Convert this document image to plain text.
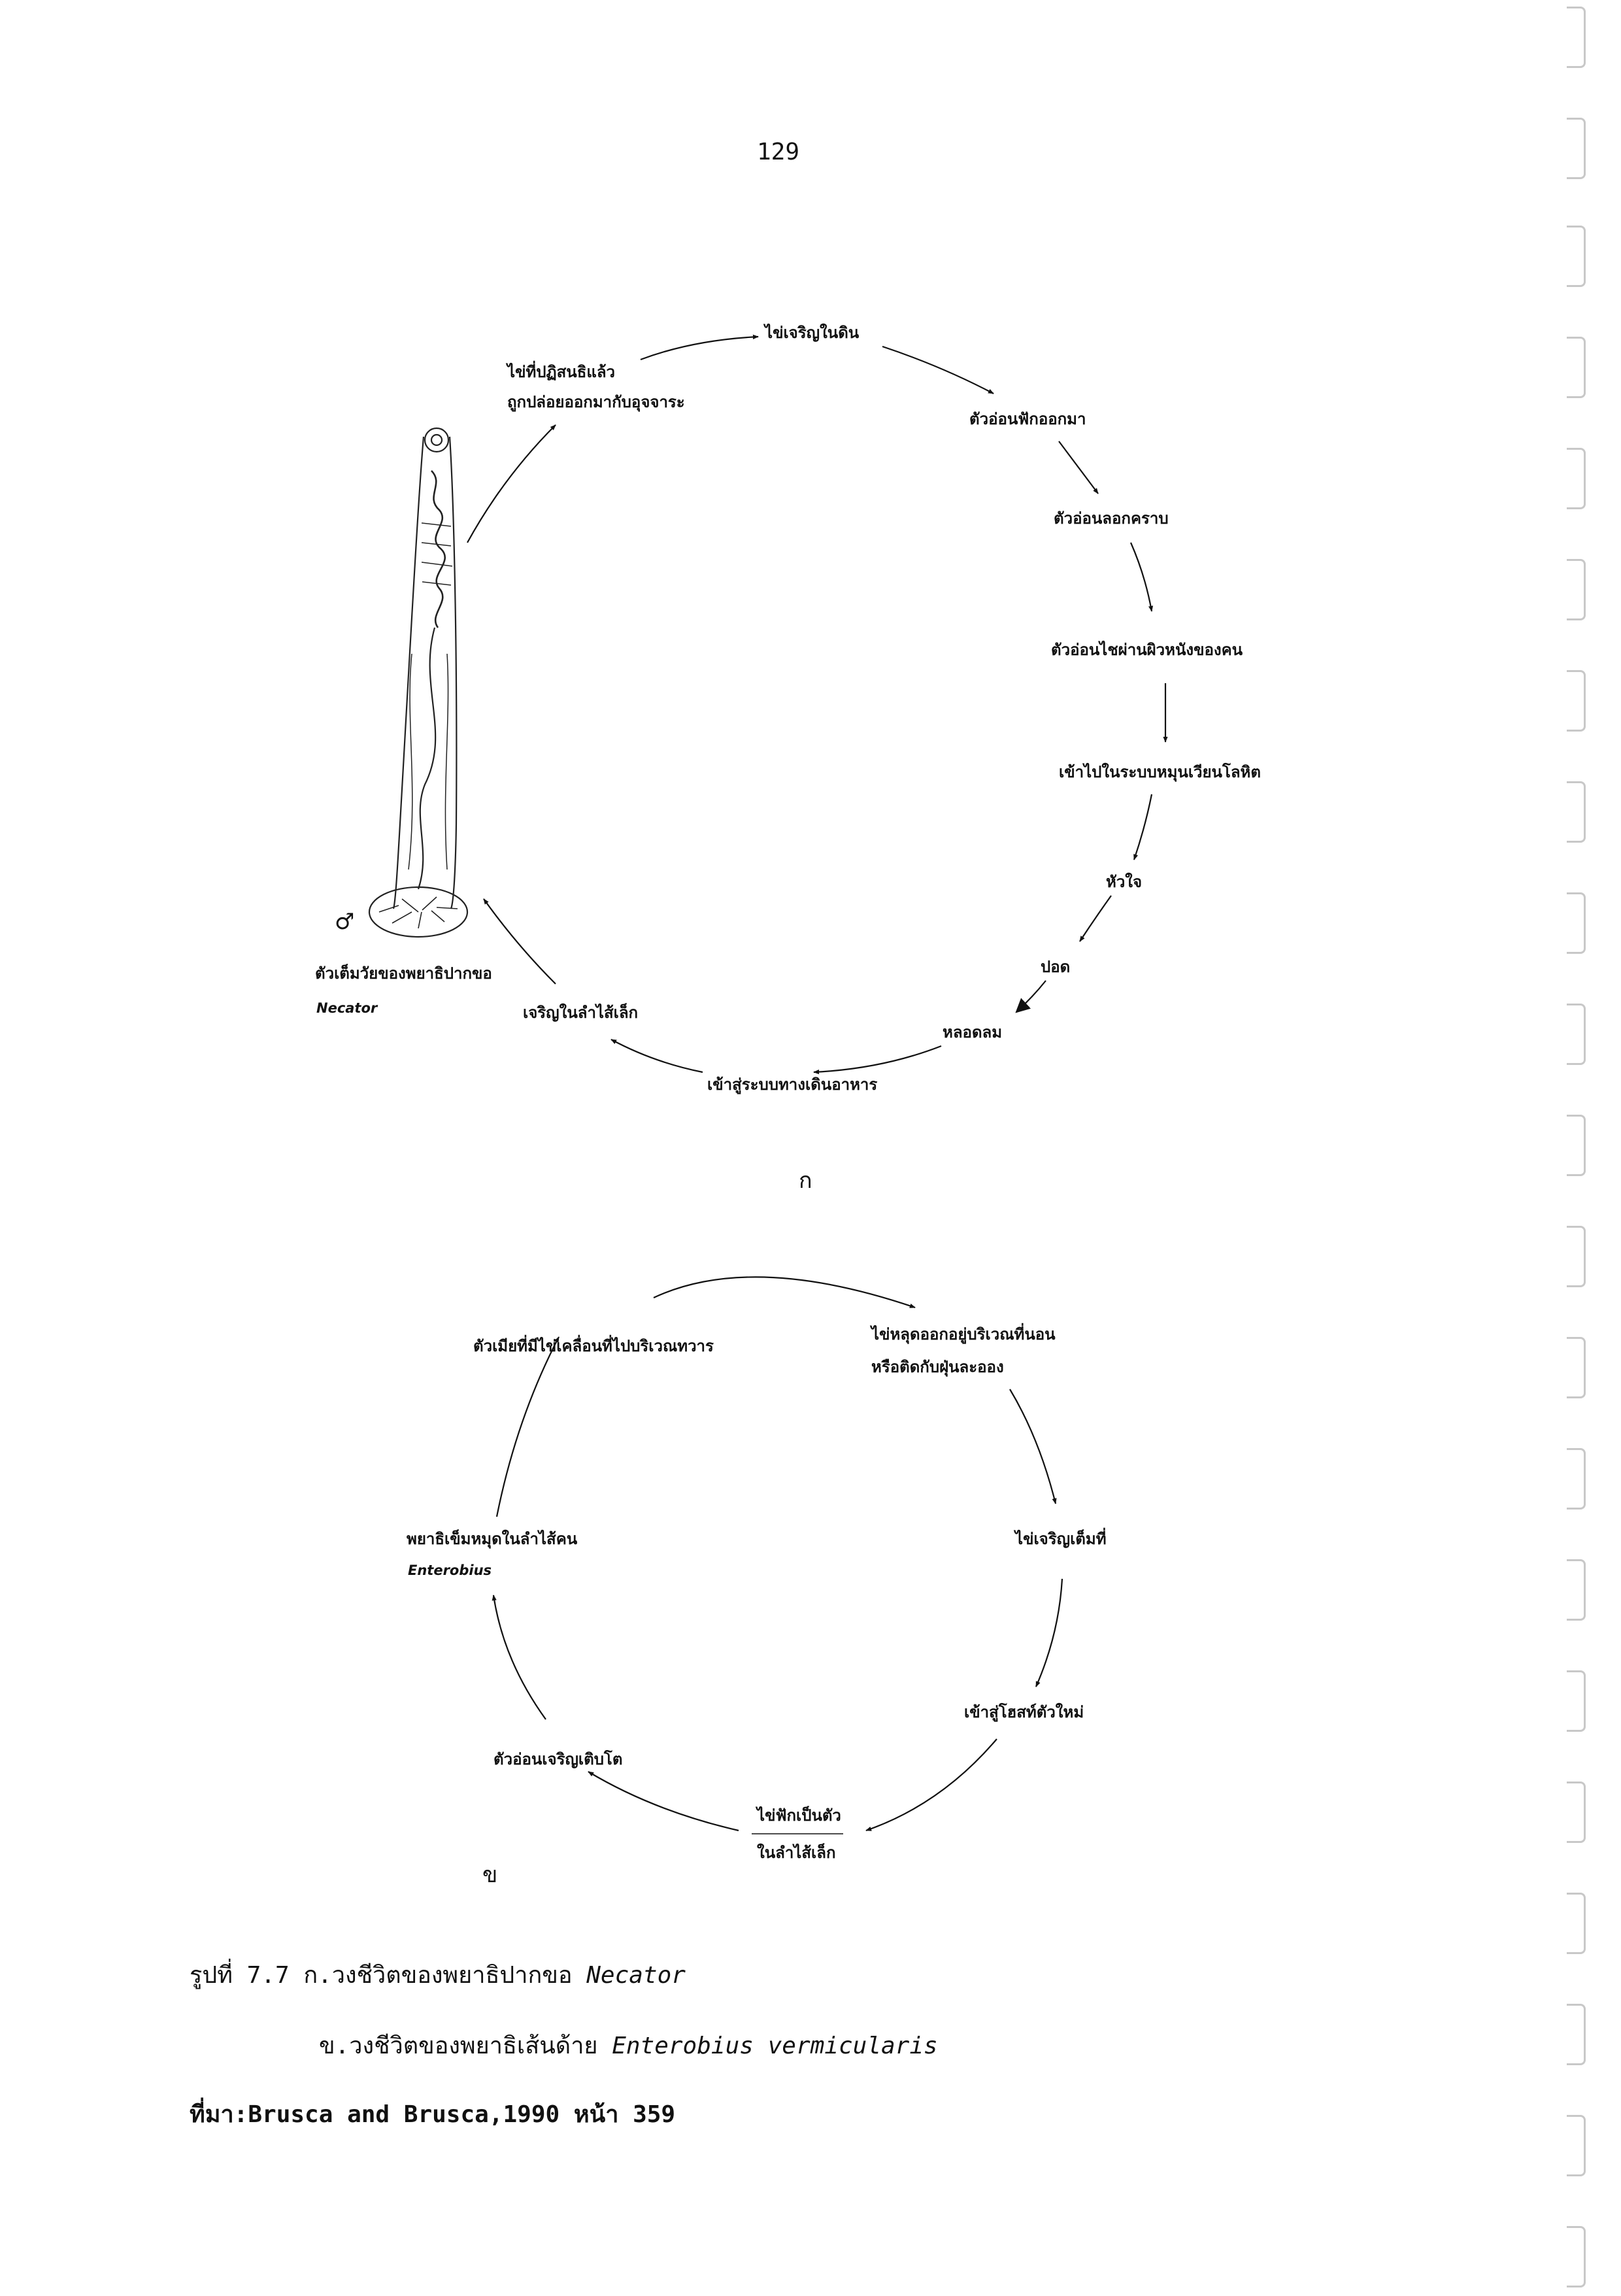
129
ไข่เจริญในดิน
ตัวอ่อนฟักออกมา
ตัวอ่อนลอกคราบ
ตัวอ่อนไชผ่านผิวหนังของคน
เข้าไปในระบบหมุนเวียนโลหิต
หัวใจ
ปอด
หลอดลม
เข้าสู่ระบบทางเดินอาหาร
เจริญในลำไส้เล็ก
ไข่ที่ปฏิสนธิแล้ว
ถูกปล่อยออกมากับอุจจาระ
♂
ตัวเต็มวัยของพยาธิปากขอ
Necator
ก
ตัวเมียที่มีไข่เคลื่อนที่ไปบริเวณทวาร
ไข่หลุดออกอยู่บริเวณที่นอน
หรือติดกับฝุ่นละออง
ไข่เจริญเต็มที่
เข้าสู่โฮสท์ตัวใหม่
ไข่ฟักเป็นตัว
ในลำไส้เล็ก
ตัวอ่อนเจริญเติบโต
พยาธิเข็มหมุดในลำไส้คน
Enterobius
ข
รูปที่ 7.7 ก.วงชีวิตของพยาธิปากขอ Necator
ข.วงชีวิตของพยาธิเส้นด้าย Enterobius vermicularis
ที่มา:Brusca and Brusca,1990 หน้า 359
